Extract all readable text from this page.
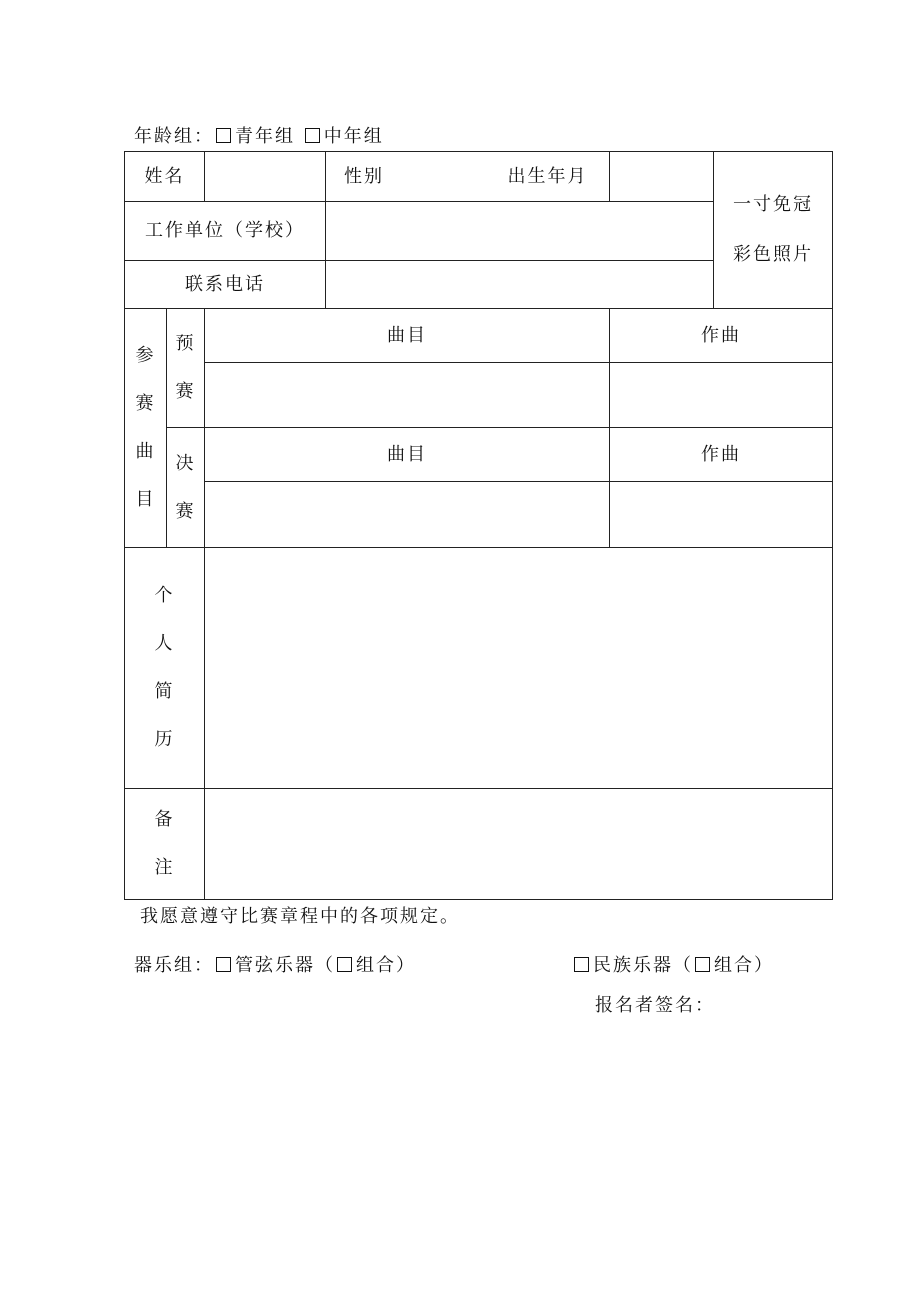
年龄组： 青年组 中年组
姓名			性别 出生年月		一寸免冠
彩色照片

工作单位（学校）					
联系电话					
参赛曲目	预赛	曲目		作曲	

	决赛	曲目		作曲	

个人简历					
备注					
我愿意遵守比赛章程中的各项规定。
器乐组： 管弦乐器（ 组合）	民族乐器（ 组合）
报名者签名：
